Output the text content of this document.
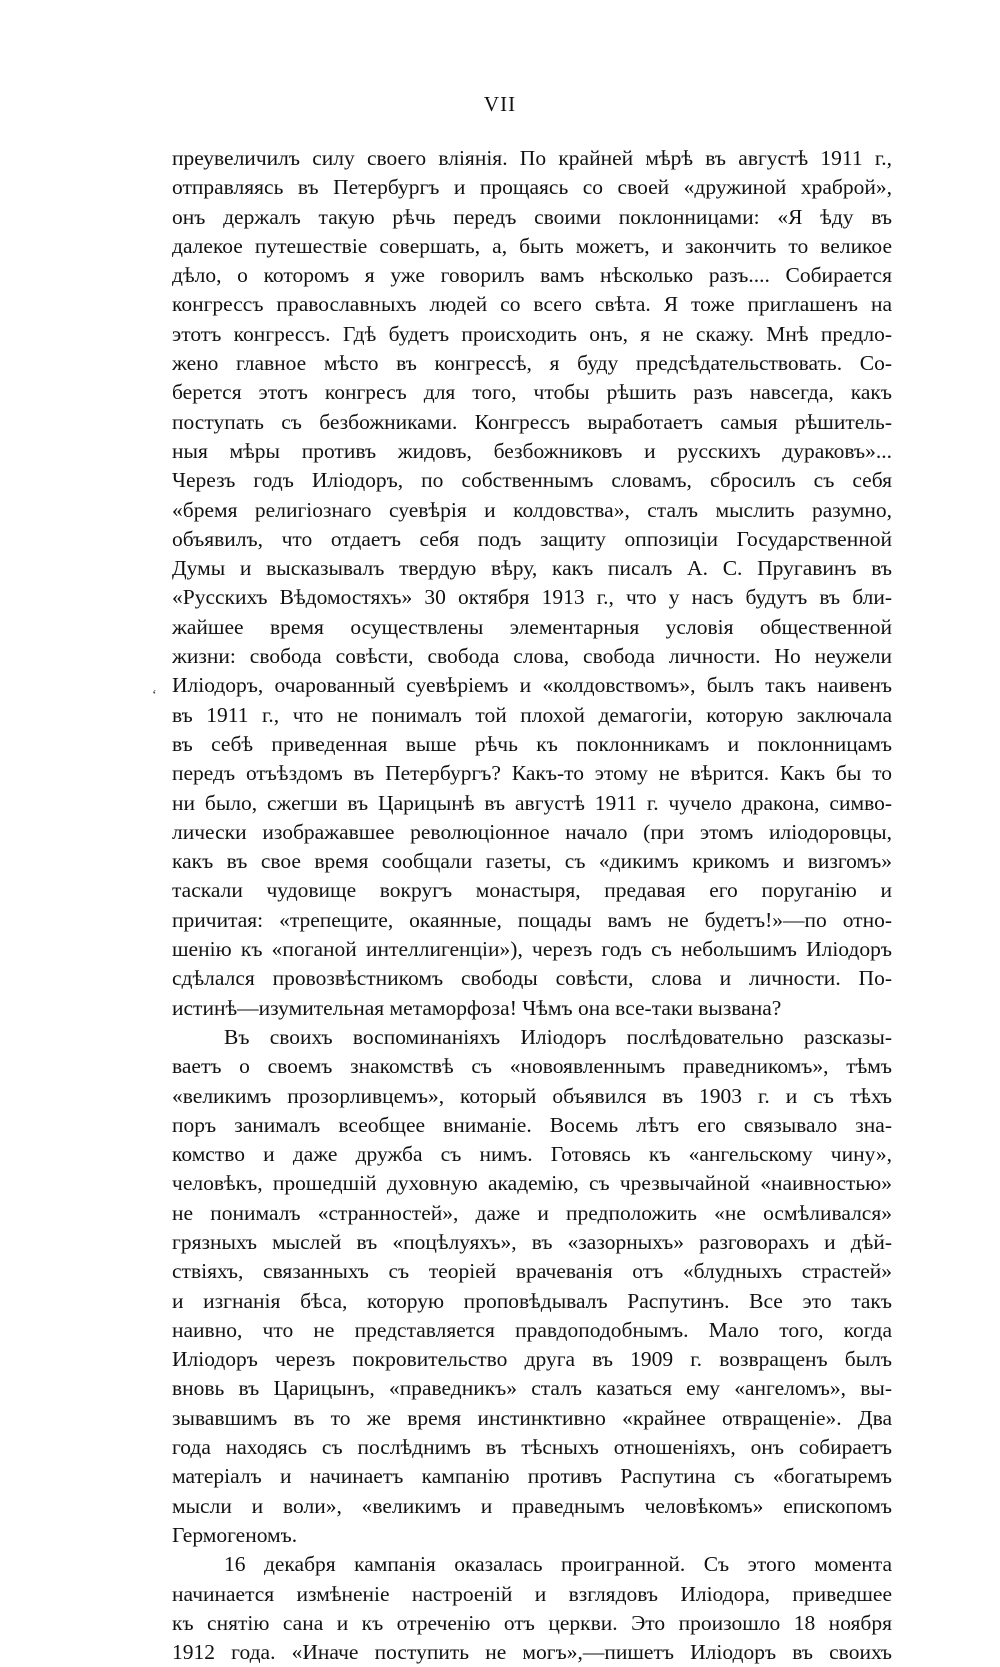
VII
‘
преувеличилъ силу своего вліянія. По крайней мѣрѣ въ августѣ 1911 г.,
отправляясь въ Петербургъ и прощаясь со своей «дружиной храброй»,
онъ держалъ такую рѣчь передъ своими поклонницами: «Я ѣду въ
далекое путешествіе совершать, а, быть можетъ, и закончить то великое
дѣло, о которомъ я уже говорилъ вамъ нѣсколько разъ.... Собирается
конгрессъ православныхъ людей со всего свѣта. Я тоже приглашенъ на
этотъ конгрессъ. Гдѣ будетъ происходить онъ, я не скажу. Мнѣ предло-
жено главное мѣсто въ конгрессѣ, я буду предсѣдательствовать. Со-
берется этотъ конгресъ для того, чтобы рѣшить разъ навсегда, какъ
поступать съ безбожниками. Конгрессъ выработаетъ самыя рѣшитель-
ныя мѣры противъ жидовъ, безбожниковъ и русскихъ дураковъ»...
Черезъ годъ Иліодоръ, по собственнымъ словамъ, сбросилъ съ себя
«бремя религіознаго суевѣрія и колдовства», сталъ мыслить разумно,
объявилъ, что отдаетъ себя подъ защиту оппозиціи Государственной
Думы и высказывалъ твердую вѣру, какъ писалъ А. С. Пругавинъ въ
«Русскихъ Вѣдомостяхъ» 30 октября 1913 г., что у насъ будутъ въ бли-
жайшее время осуществлены элементарныя условія общественной
жизни: свобода совѣсти, свобода слова, свобода личности. Но неужели
Иліодоръ, очарованный суевѣріемъ и «колдовствомъ», былъ такъ наивенъ
въ 1911 г., что не понималъ той плохой демагогіи, которую заключала
въ себѣ приведенная выше рѣчь къ поклонникамъ и поклонницамъ
передъ отъѣздомъ въ Петербургъ? Какъ-то этому не вѣрится. Какъ бы то
ни было, сжегши въ Царицынѣ въ августѣ 1911 г. чучело дракона, симво-
лически изображавшее революціонное начало (при этомъ иліодоровцы,
какъ въ свое время сообщали газеты, съ «дикимъ крикомъ и визгомъ»
таскали чудовище вокругъ монастыря, предавая его поруганію и
причитая: «трепещите, окаянные, пощады вамъ не будетъ!»—по отно-
шенію къ «поганой интеллигенціи»), черезъ годъ съ небольшимъ Иліодоръ
сдѣлался провозвѣстникомъ свободы совѣсти, слова и личности. По-
истинѣ—изумительная метаморфоза! Чѣмъ она все-таки вызвана?
Въ своихъ воспоминаніяхъ Иліодоръ послѣдовательно разсказы-
ваетъ о своемъ знакомствѣ съ «новоявленнымъ праведникомъ», тѣмъ
«великимъ прозорливцемъ», который объявился въ 1903 г. и съ тѣхъ
поръ занималъ всеобщее вниманіе. Восемь лѣтъ его связывало зна-
комство и даже дружба съ нимъ. Готовясь къ «ангельскому чину»,
человѣкъ, прошедшій духовную академію, съ чрезвычайной «наивностью»
не понималъ «странностей», даже и предположить «не осмѣливался»
грязныхъ мыслей въ «поцѣлуяхъ», въ «зазорныхъ» разговорахъ и дѣй-
ствіяхъ, связанныхъ съ теоріей врачеванія отъ «блудныхъ страстей»
и изгнанія бѣса, которую проповѣдывалъ Распутинъ. Все это такъ
наивно, что не представляется правдоподобнымъ. Мало того, когда
Иліодоръ черезъ покровительство друга въ 1909 г. возвращенъ былъ
вновь въ Царицынъ, «праведникъ» сталъ казаться ему «ангеломъ», вы-
зывавшимъ въ то же время инстинктивно «крайнее отвращеніе». Два
года находясь съ послѣднимъ въ тѣсныхъ отношеніяхъ, онъ собираетъ
матеріалъ и начинаетъ кампанію противъ Распутина съ «богатыремъ
мысли и воли», «великимъ и праведнымъ человѣкомъ» епископомъ
Гермогеномъ.
16 декабря кампанія оказалась проигранной. Съ этого момента
начинается измѣненіе настроеній и взглядовъ Иліодора, приведшее
къ снятію сана и къ отреченію отъ церкви. Это произошло 18 ноября
1912 года. «Иначе поступить не могъ»,—пишетъ Иліодоръ въ своихъ
